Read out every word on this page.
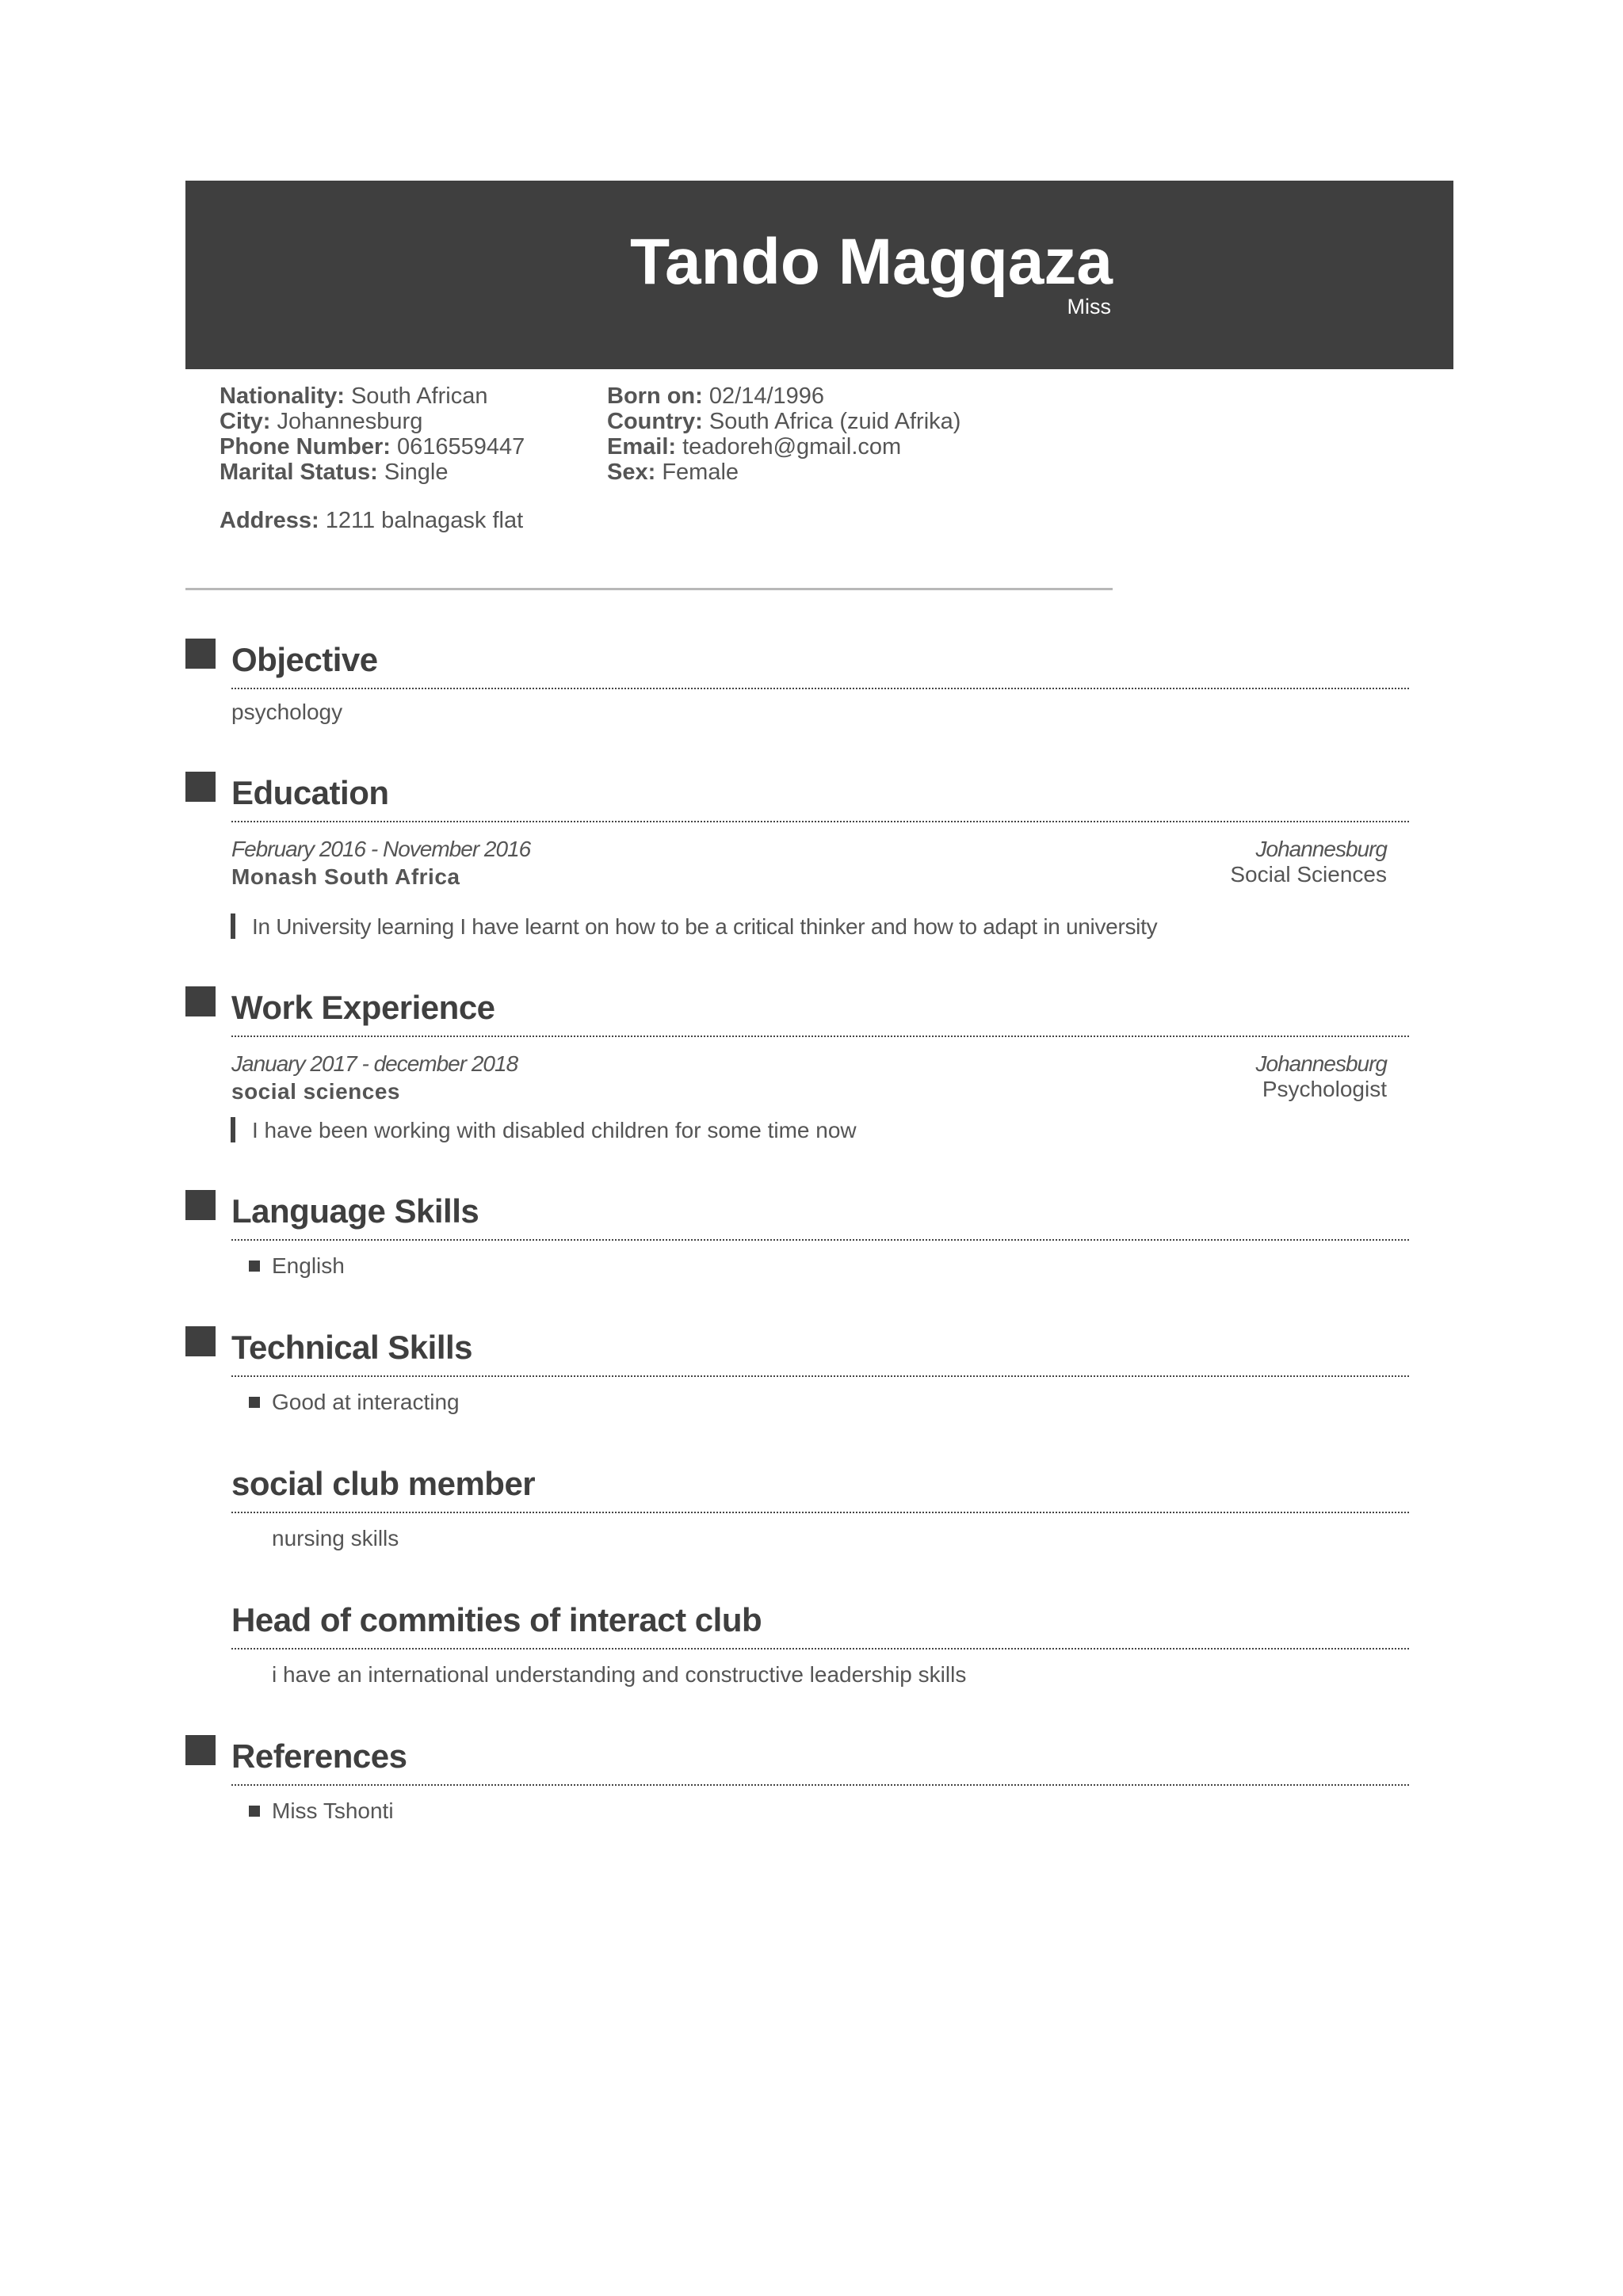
Tando Magqaza
Miss
Nationality: South African
City: Johannesburg
Phone Number: 0616559447
Marital Status: Single
Born on: 02/14/1996
Country: South Africa (zuid Afrika)
Email: teadoreh@gmail.com
Sex: Female
Address: 1211 balnagask flat
Objective
psychology
Education
February 2016 - November 2016
Monash South Africa
Johannesburg
Social Sciences
In University learning I have learnt on how to be a critical thinker and how to adapt in university
Work Experience
January 2017 - december 2018
social sciences
Johannesburg
Psychologist
I have been working with disabled children for some time now
Language Skills
English
Technical Skills
Good at interacting
social club member
nursing skills
Head of commities of interact club
i have an international understanding and constructive leadership skills
References
Miss Tshonti
